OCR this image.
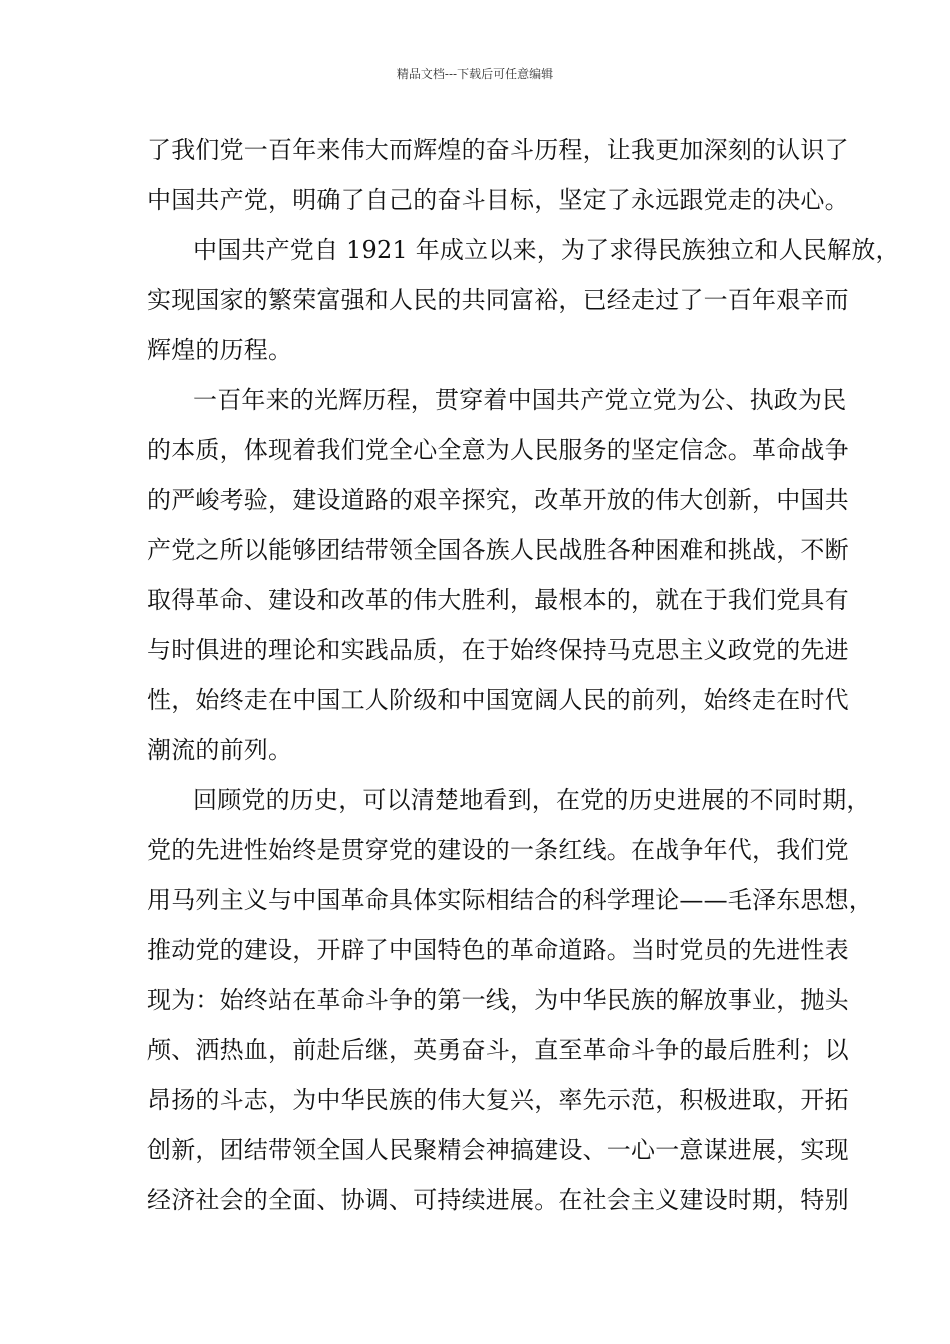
精品文档---下载后可任意编辑
了我们党一百年来伟大而辉煌的奋斗历程，让我更加深刻的认识了
中国共产党，明确了自己的奋斗目标，坚定了永远跟党走的决心。
中国共产党自 1921 年成立以来，为了求得民族独立和人民解放，
实现国家的繁荣富强和人民的共同富裕，已经走过了一百年艰辛而
辉煌的历程。
一百年来的光辉历程，贯穿着中国共产党立党为公、执政为民
的本质，体现着我们党全心全意为人民服务的坚定信念。革命战争
的严峻考验，建设道路的艰辛探究，改革开放的伟大创新，中国共
产党之所以能够团结带领全国各族人民战胜各种困难和挑战，不断
取得革命、建设和改革的伟大胜利，最根本的，就在于我们党具有
与时俱进的理论和实践品质，在于始终保持马克思主义政党的先进
性，始终走在中国工人阶级和中国宽阔人民的前列，始终走在时代
潮流的前列。
回顾党的历史，可以清楚地看到，在党的历史进展的不同时期，
党的先进性始终是贯穿党的建设的一条红线。在战争年代，我们党
用马列主义与中国革命具体实际相结合的科学理论——毛泽东思想，
推动党的建设，开辟了中国特色的革命道路。当时党员的先进性表
现为：始终站在革命斗争的第一线，为中华民族的解放事业，抛头
颅、洒热血，前赴后继，英勇奋斗，直至革命斗争的最后胜利；以
昂扬的斗志，为中华民族的伟大复兴，率先示范，积极进取，开拓
创新，团结带领全国人民聚精会神搞建设、一心一意谋进展，实现
经济社会的全面、协调、可持续进展。在社会主义建设时期，特别
